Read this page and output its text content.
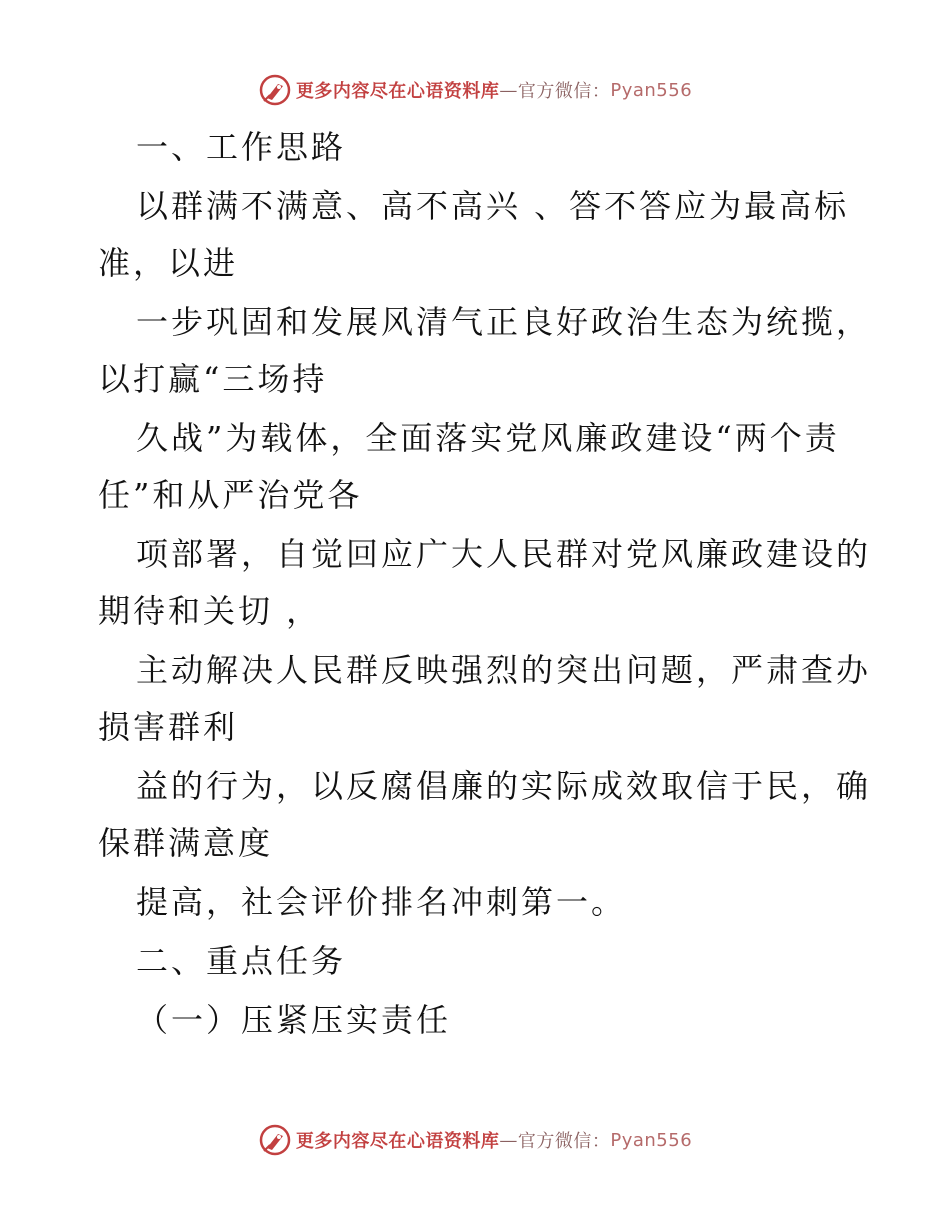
更多内容尽在心语资料库 — 官方微信： Pyan556
一、工作思路
以群满不满意、高不高兴 、答不答应为最高标
准，以进
一步巩固和发展风清气正良好政治生态为统揽，
以打赢“三场持
久战”为载体，全面落实党风廉政建设“两个责
任”和从严治党各
项部署，自觉回应广大人民群对党风廉政建设的
期待和关切 ，
主动解决人民群反映强烈的突出问题，严肃查办
损害群利
益的行为，以反腐倡廉的实际成效取信于民，确
保群满意度
提高，社会评价排名冲刺第一。
二、重点任务
（一）压紧压实责任
更多内容尽在心语资料库 — 官方微信： Pyan556
